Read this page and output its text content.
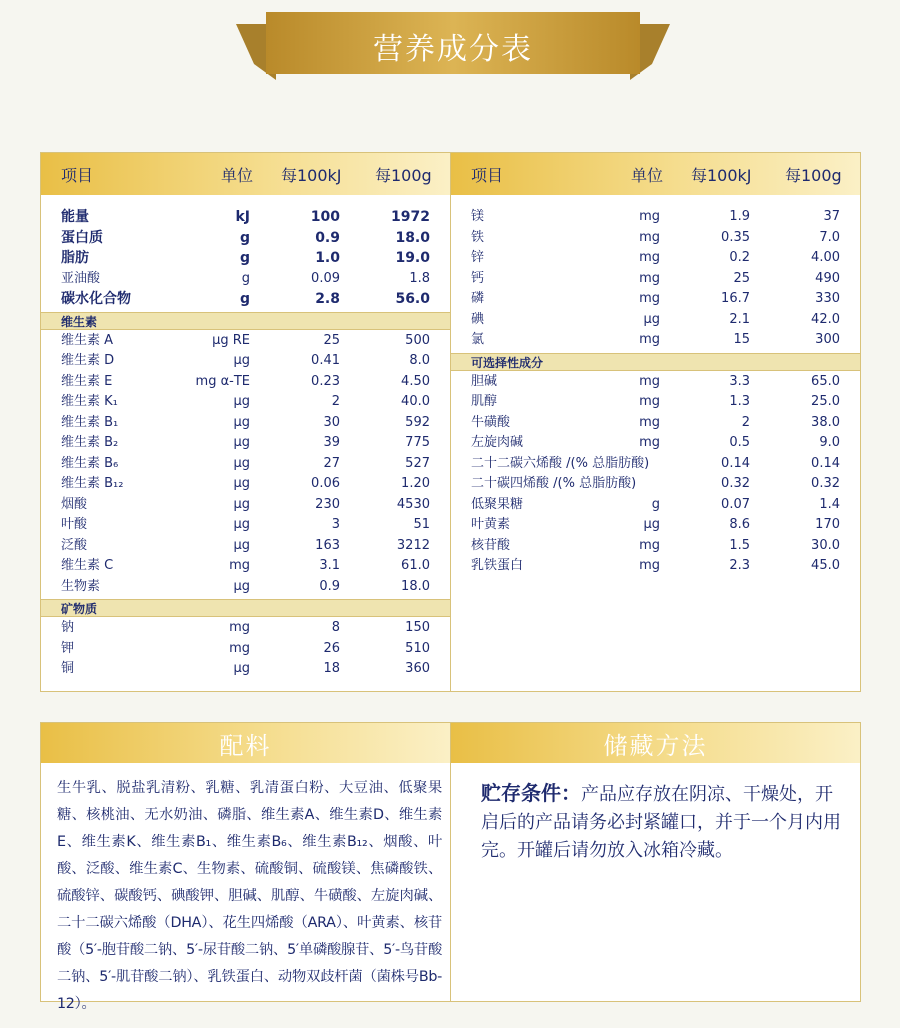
营养成分表
项目	单位 每100kJ 每100g
能量	kJ	100	1972
蛋白质	g	0.9	18.0
脂肪	g	1.0	19.0
亚油酸	g	0.09	1.8
碳水化合物	g	2.8	56.0
维生素
维生素 A	μg RE	25	500
维生素 D	μg	0.41	8.0
维生素 E	mg α-TE	0.23	4.50
维生素 K₁	μg	2	40.0
维生素 B₁	μg	30	592
维生素 B₂	μg	39	775
维生素 B₆	μg	27	527
维生素 B₁₂	μg	0.06	1.20
烟酸	μg	230	4530
叶酸	μg	3	51
泛酸	μg	163	3212
维生素 C	mg	3.1	61.0
生物素	μg	0.9	18.0
矿物质
钠	mg	8	150
钾	mg	26	510
铜	μg	18	360
项目	单位 每100kJ 每100g
镁	mg	1.9	37
铁	mg	0.35	7.0
锌	mg	0.2	4.00
钙	mg	25	490
磷	mg	16.7	330
碘	μg	2.1	42.0
氯	mg	15	300
可选择性成分
胆碱	mg	3.3	65.0
肌醇	mg	1.3	25.0
牛磺酸	mg	2	38.0
左旋肉碱	mg	0.5	9.0
二十二碳六烯酸 /(% 总脂肪酸)	0.14	0.14
二十碳四烯酸 /(% 总脂肪酸)	0.32	0.32
低聚果糖	g	0.07	1.4
叶黄素	μg	8.6	170
核苷酸	mg	1.5	30.0
乳铁蛋白	mg	2.3	45.0
配料
生牛乳、脱盐乳清粉、乳糖、乳清蛋白粉、大豆油、低聚果糖、核桃油、无水奶油、磷脂、维生素A、维生素D、维生素E、维生素K、维生素B₁、维生素B₆、维生素B₁₂、烟酸、叶酸、泛酸、维生素C、生物素、硫酸铜、硫酸镁、焦磷酸铁、硫酸锌、碳酸钙、碘酸钾、胆碱、肌醇、牛磺酸、左旋肉碱、二十二碳六烯酸（DHA）、花生四烯酸（ARA）、叶黄素、核苷酸（5′-胞苷酸二钠、5′-尿苷酸二钠、5′单磷酸腺苷、5′-鸟苷酸二钠、5′-肌苷酸二钠）、乳铁蛋白、动物双歧杆菌（菌株号Bb-12）。
储藏方法
贮存条件：产品应存放在阴凉、干燥处，开启后的产品请务必封紧罐口，并于一个月内用完。开罐后请勿放入冰箱冷藏。
